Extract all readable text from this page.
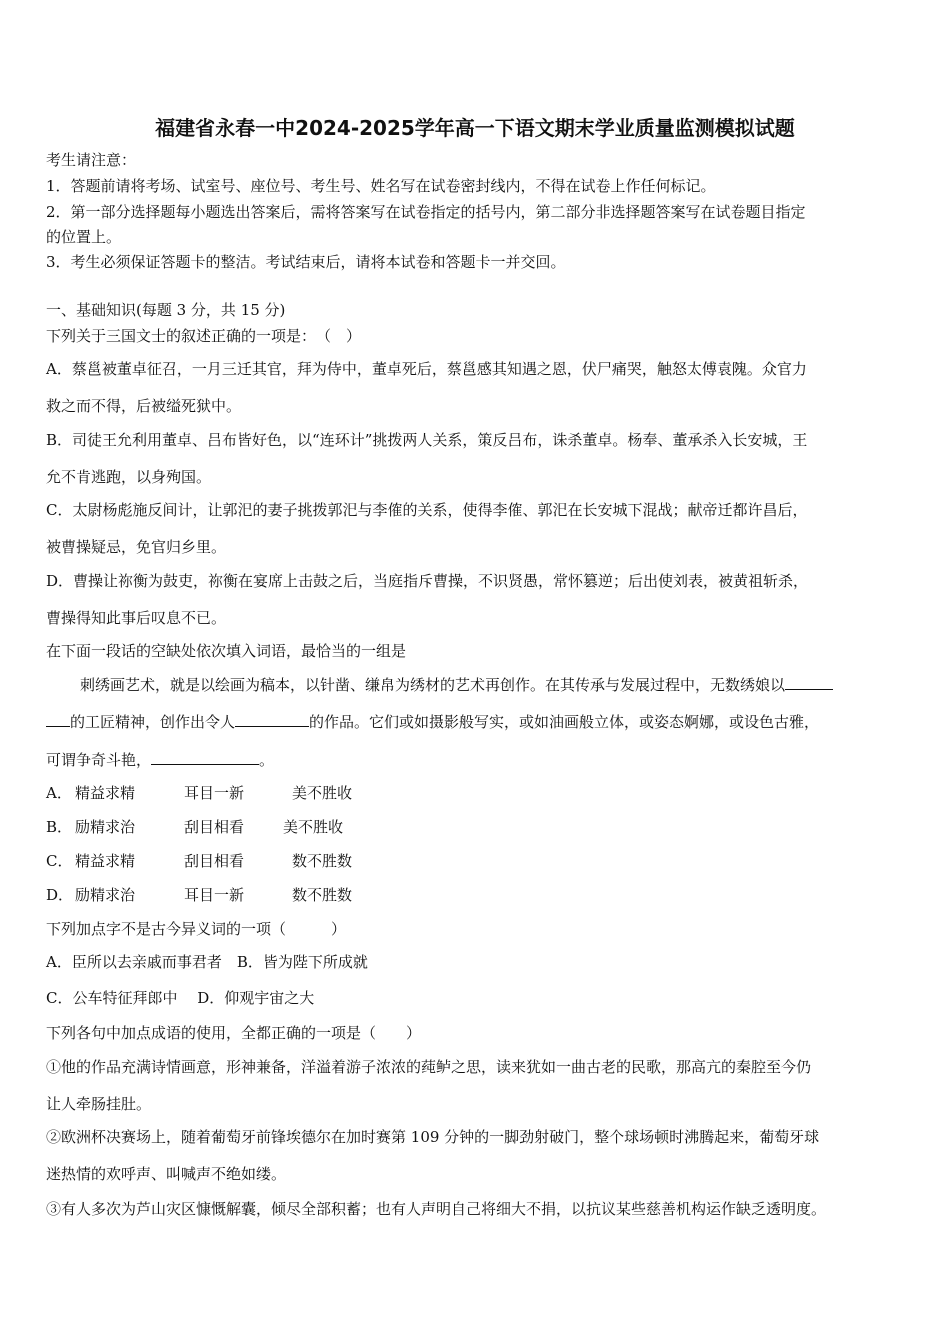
福建省永春一中2024-2025学年高一下语文期末学业质量监测模拟试题
考生请注意：
1．答题前请将考场、试室号、座位号、考生号、姓名写在试卷密封线内，不得在试卷上作任何标记。
2．第一部分选择题每小题选出答案后，需将答案写在试卷指定的括号内，第二部分非选择题答案写在试卷题目指定
的位置上。
3．考生必须保证答题卡的整洁。考试结束后，请将本试卷和答题卡一并交回。
一、基础知识(每题 3 分，共 15 分)
下列关于三国文士的叙述正确的一项是：　（　）
A．蔡邕被董卓征召，一月三迁其官，拜为侍中，董卓死后，蔡邕感其知遇之恩，伏尸痛哭，触怒太傅袁隗。众官力
救之而不得，后被缢死狱中。
B．司徒王允利用董卓、吕布皆好色，以“连环计”挑拨两人关系，策反吕布，诛杀董卓。杨奉、董承杀入长安城，王
允不肯逃跑，以身殉国。
C．太尉杨彪施反间计，让郭汜的妻子挑拨郭汜与李傕的关系，使得李傕、郭汜在长安城下混战；献帝迁都许昌后，
被曹操疑忌，免官归乡里。
D．曹操让祢衡为鼓吏，祢衡在宴席上击鼓之后，当庭指斥曹操，不识贤愚，常怀篡逆；后出使刘表，被黄祖斩杀，
曹操得知此事后叹息不已。
在下面一段话的空缺处依次填入词语，最恰当的一组是
刺绣画艺术，就是以绘画为稿本，以针凿、缣帛为绣材的艺术再创作。在其传承与发展过程中，无数绣娘以
的工匠精神，创作出令人	的作品。它们或如摄影般写实，或如油画般立体，或姿态婀娜，或设色古雅，
可谓争奇斗艳，	。
A． 精益求精	耳目一新	美不胜收
B． 励精求治	刮目相看	美不胜收
C． 精益求精	刮目相看	数不胜数
D． 励精求治	耳目一新	数不胜数
下列加点字不是古今异义词的一项（　　　）
A．臣所以去亲戚而事君者　B．皆为陛下所成就
C．公车特征拜郎中　 D．仰观宇宙之大
下列各句中加点成语的使用，全都正确的一项是（　　）
①他的作品充满诗情画意，形神兼备，洋溢着游子浓浓的莼鲈之思，读来犹如一曲古老的民歌，那高亢的秦腔至今仍
让人牵肠挂肚。
②欧洲杯决赛场上，随着葡萄牙前锋埃德尔在加时赛第 109 分钟的一脚劲射破门，整个球场顿时沸腾起来，葡萄牙球
迷热情的欢呼声、叫喊声不绝如缕。
③有人多次为芦山灾区慷慨解囊，倾尽全部积蓄；也有人声明自己将细大不捐，以抗议某些慈善机构运作缺乏透明度。
